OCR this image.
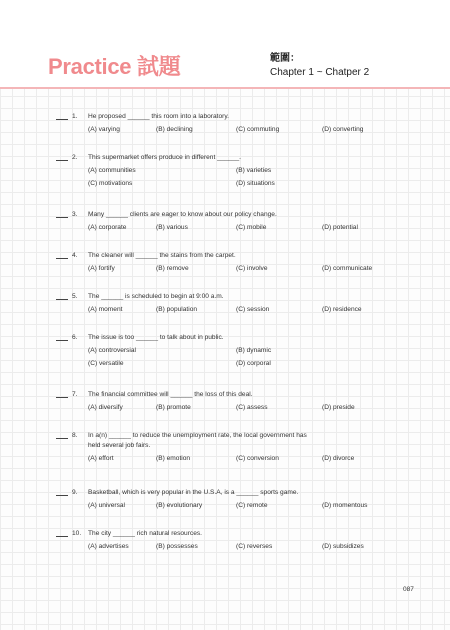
Practice 試題	範圍：
Chapter 1 ~ Chatper 2
1. He proposed ______ this room into a laboratory.
(A) varying	(B) declining	(C) commuting	(D) converting
2. This supermarket offers produce in different ______.
(A) communities	(B) varieties
(C) motivations	(D) situations
3. Many ______ clients are eager to know about our policy change.
(A) corporate	(B) various	(C) mobile	(D) potential
4. The cleaner will ______ the stains from the carpet.
(A) fortify	(B) remove	(C) involve	(D) communicate
5. The ______ is scheduled to begin at 9:00 a.m.
(A) moment	(B) population	(C) session	(D) residence
6. The issue is too ______ to talk about in public.
(A) controversial	(B) dynamic
(C) versatile	(D) corporal
7. The financial committee will ______ the loss of this deal.
(A) diversify	(B) promote	(C) assess	(D) preside
8. In a(n) ______ to reduce the unemployment rate, the local government has
held several job fairs.
(A) effort	(B) emotion	(C) conversion	(D) divorce
9. Basketball, which is very popular in the U.S.A, is a ______ sports game.
(A) universal	(B) evolutionary	(C) remote	(D) momentous
10. The city ______ rich natural resources.
(A) advertises	(B) possesses	(C) reverses	(D) subsidizes
087
